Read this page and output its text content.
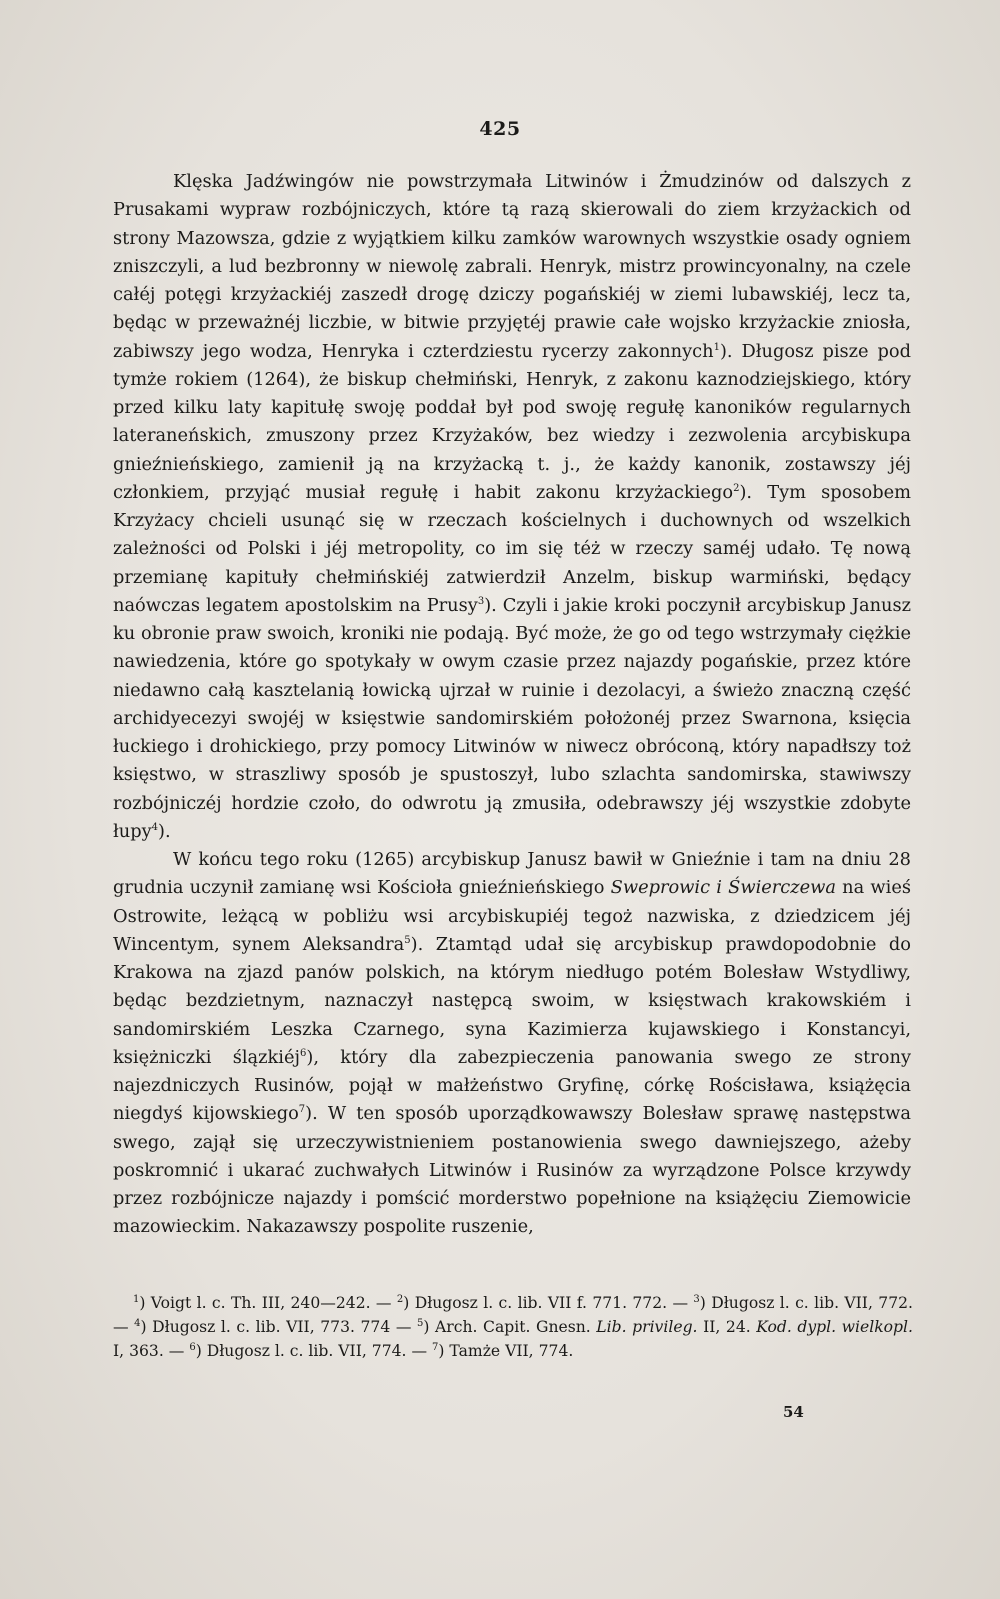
425

Klęska Jadźwingów nie powstrzymała Litwinów i Żmudzinów od dalszych z Prusakami wypraw rozbójniczych, które tą razą skierowali do ziem krzyżackich od strony Mazowsza, gdzie z wyjątkiem kilku zamków warownych wszystkie osady ogniem zniszczyli, a lud bezbronny w niewolę zabrali. Henryk, mistrz prowincyonalny, na czele całéj potęgi krzyżackiéj zaszedł drogę dziczy pogańskiéj w ziemi lubawskiéj, lecz ta, będąc w przeważnéj liczbie, w bitwie przyjętéj prawie całe wojsko krzyżackie zniosła, zabiwszy jego wodza, Henryka i czterdziestu rycerzy zakonnych$^1$). Długosz pisze pod tymże rokiem (1264), że biskup chełmiński, Henryk, z zakonu kaznodziejskiego, który przed kilku laty kapitułę swoję poddał był pod swoję regułę kanoników regularnych lateraneńskich, zmuszony przez Krzyżaków, bez wiedzy i zezwolenia arcybiskupa gnieźnieńskiego, zamienił ją na krzyżacką t. j., że każdy kanonik, zostawszy jéj członkiem, przyjąć musiał regułę i habit zakonu krzyżackiego$^2$). Tym sposobem Krzyżacy chcieli usunąć się w rzeczach kościelnych i duchownych od wszelkich zależności od Polski i jéj metropolity, co im się téż w rzeczy saméj udało. Tę nową przemianę kapituły chełmińskiéj zatwierdził Anzelm, biskup warmiński, będący naówczas legatem apostolskim na Prusy$^3$). Czyli i jakie kroki poczynił arcybiskup Janusz ku obronie praw swoich, kroniki nie podają. Być może, że go od tego wstrzymały ciężkie nawiedzenia, które go spotykały w owym czasie przez najazdy pogańskie, przez które niedawno całą kasztelanią łowicką ujrzał w ruinie i dezolacyi, a świeżo znaczną część archidyecezyi swojéj w księstwie sandomirskiém położonéj przez Swarnona, księcia łuckiego i drohickiego, przy pomocy Litwinów w niwecz obróconą, który napadłszy toż księstwo, w straszliwy sposób je spustoszył, lubo szlachta sandomirska, stawiwszy rozbójniczéj hordzie czoło, do odwrotu ją zmusiła, odebrawszy jéj wszystkie zdobyte łupy$^4$).

W końcu tego roku (1265) arcybiskup Janusz bawił w Gnieźnie i tam na dniu 28 grudnia uczynił zamianę wsi Kościoła gnieźnieńskiego Sweprowic i Świerczewa na wieś Ostrowite, leżącą w pobliżu wsi arcybiskupiéj tegoż nazwiska, z dziedzicem jéj Wincentym, synem Aleksandra$^5$). Ztamtąd udał się arcybiskup prawdopodobnie do Krakowa na zjazd panów polskich, na którym niedługo potém Bolesław Wstydliwy, będąc bezdzietnym, naznaczył następcą swoim, w księstwach krakowskiém i sandomirskiém Leszka Czarnego, syna Kazimierza kujawskiego i Konstancyi, księżniczki ślązkiéj$^6$), który dla zabezpieczenia panowania swego ze strony najezdniczych Rusinów, pojął w małżeństwo Gryfinę, córkę Rościsława, książęcia niegdyś kijowskiego$^7$). W ten sposób uporządkowawszy Bolesław sprawę następstwa swego, zajął się urzeczywistnieniem postanowienia swego dawniejszego, ażeby poskromnić i ukarać zuchwałych Litwinów i Rusinów za wyrządzone Polsce krzywdy przez rozbójnicze najazdy i pomścić morderstwo popełnione na książęciu Ziemowicie mazowieckim. Nakazawszy pospolite ruszenie,

$^1$) Voigt l. c. Th. III, 240—242. — $^2$) Długosz l. c. lib. VII f. 771. 772. — $^3$) Długosz l. c. lib. VII, 772. — $^4$) Długosz l. c. lib. VII, 773. 774 — $^5$) Arch. Capit. Gnesn. Lib. privileg. II, 24. Kod. dypl. wielkopl. I, 363. — $^6$) Długosz l. c. lib. VII, 774. — $^7$) Tamże VII, 774.

54
